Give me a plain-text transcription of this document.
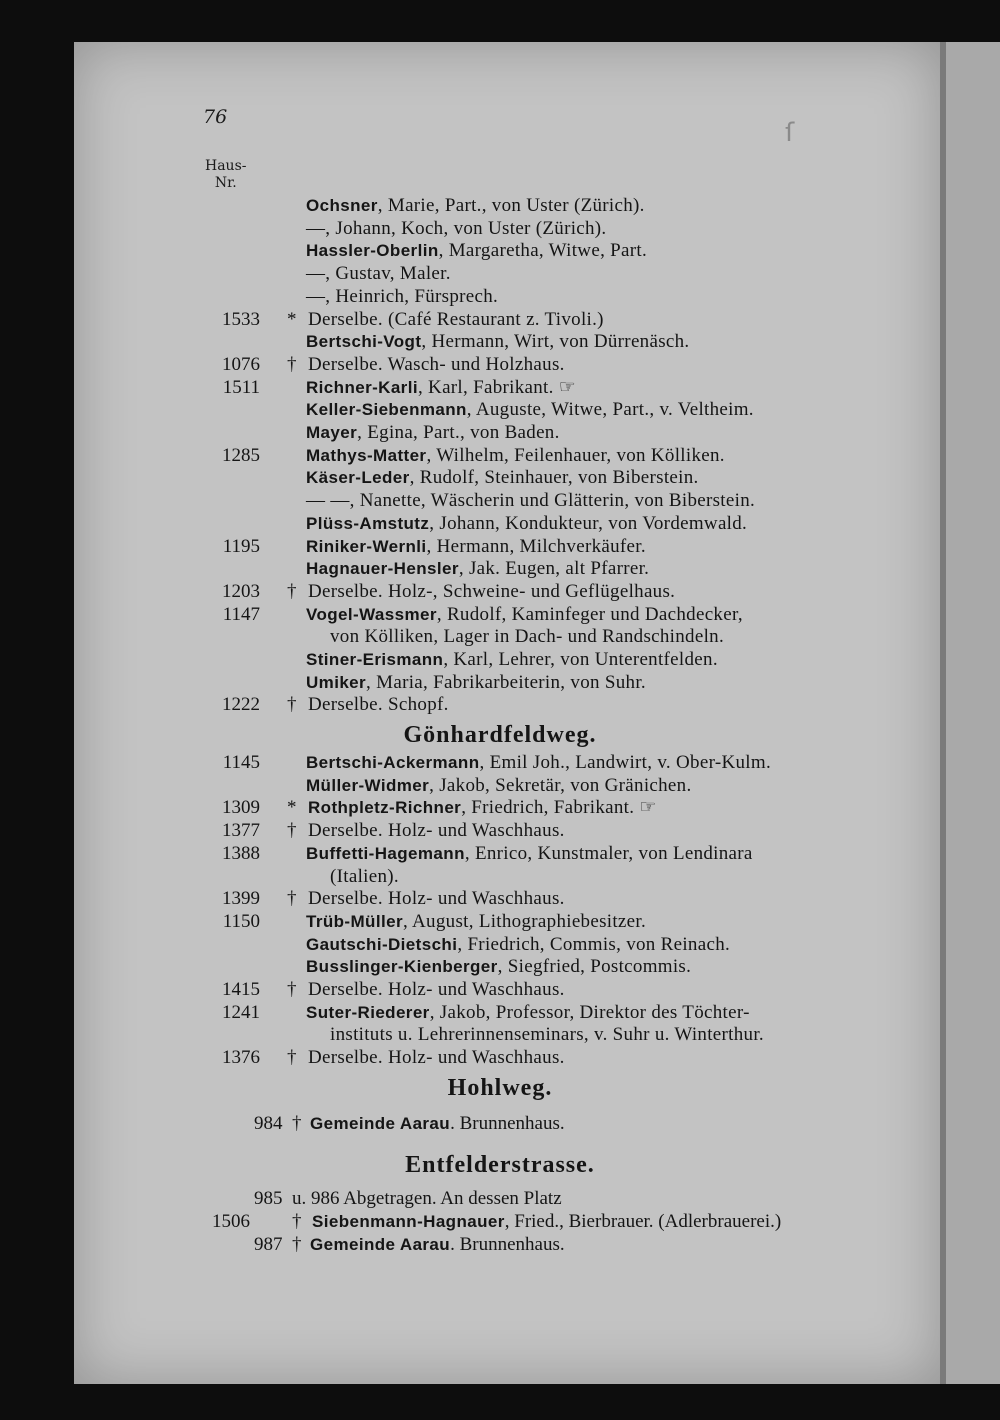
76
ſ
Haus-
Nr.
Ochsner, Marie, Part., von Uster (Zürich).
—, Johann, Koch, von Uster (Zürich).
Hassler-Oberlin, Margaretha, Witwe, Part.
—, Gustav, Maler.
—, Heinrich, Fürsprech.
1533 * Derselbe. (Café Restaurant z. Tivoli.)
Bertschi-Vogt, Hermann, Wirt, von Dürrenäsch.
1076 † Derselbe. Wasch- und Holzhaus.
1511	Richner-Karli, Karl, Fabrikant. ☞
Keller-Siebenmann, Auguste, Witwe, Part., v. Veltheim.
Mayer, Egina, Part., von Baden.
1285	Mathys-Matter, Wilhelm, Feilenhauer, von Kölliken.
Käser-Leder, Rudolf, Steinhauer, von Biberstein.
— —, Nanette, Wäscherin und Glätterin, von Biberstein.
Plüss-Amstutz, Johann, Kondukteur, von Vordemwald.
1195	Riniker-Wernli, Hermann, Milchverkäufer.
Hagnauer-Hensler, Jak. Eugen, alt Pfarrer.
1203 † Derselbe. Holz-, Schweine- und Geflügelhaus.
1147	Vogel-Wassmer, Rudolf, Kaminfeger und Dachdecker,
von Kölliken, Lager in Dach- und Randschindeln.
Stiner-Erismann, Karl, Lehrer, von Unterentfelden.
Umiker, Maria, Fabrikarbeiterin, von Suhr.
1222 † Derselbe. Schopf.
Gönhardfeldweg.
1145	Bertschi-Ackermann, Emil Joh., Landwirt, v. Ober-Kulm.
Müller-Widmer, Jakob, Sekretär, von Gränichen.
1309 * Rothpletz-Richner, Friedrich, Fabrikant. ☞
1377 † Derselbe. Holz- und Waschhaus.
1388	Buffetti-Hagemann, Enrico, Kunstmaler, von Lendinara
(Italien).
1399 † Derselbe. Holz- und Waschhaus.
1150	Trüb-Müller, August, Lithographiebesitzer.
Gautschi-Dietschi, Friedrich, Commis, von Reinach.
Busslinger-Kienberger, Siegfried, Postcommis.
1415 † Derselbe. Holz- und Waschhaus.
1241	Suter-Riederer, Jakob, Professor, Direktor des Töchter-
instituts u. Lehrerinnenseminars, v. Suhr u. Winterthur.
1376 † Derselbe. Holz- und Waschhaus.
Hohlweg.
984 † Gemeinde Aarau. Brunnenhaus.
Entfelderstrasse.
985 u. 986 Abgetragen. An dessen Platz
1506 † Siebenmann-Hagnauer, Fried., Bierbrauer. (Adlerbrauerei.)
987 † Gemeinde Aarau. Brunnenhaus.
